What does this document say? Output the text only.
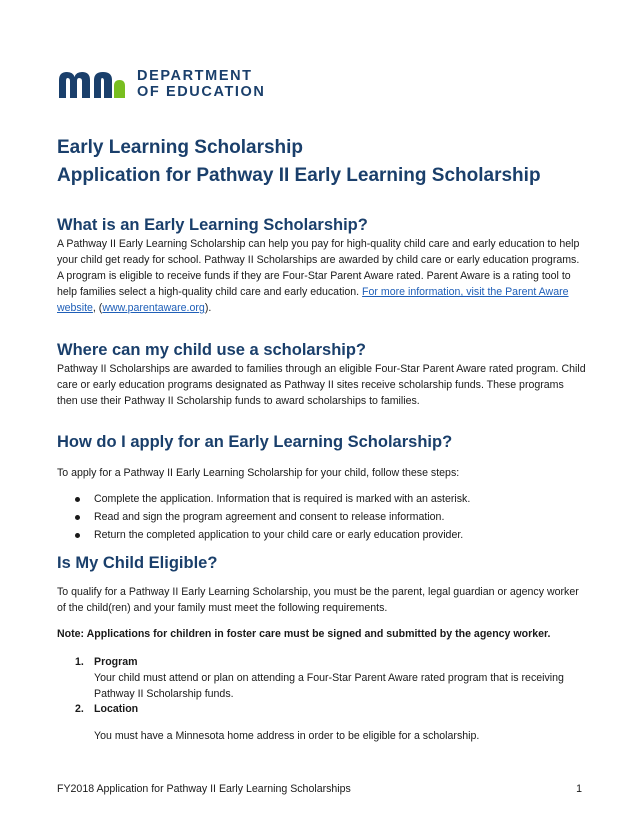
DEPARTMENT
OF EDUCATION
Early Learning Scholarship
Application for Pathway II Early Learning Scholarship
What is an Early Learning Scholarship?

A Pathway II Early Learning Scholarship can help you pay for high-quality child care and early education to help your child get ready for school. Pathway II Scholarships are awarded by child care or early education programs. A program is eligible to receive funds if they are Four-Star Parent Aware rated. Parent Aware is a rating tool to help families select a high-quality child care and early education. For more information, visit the Parent Aware website, (www.parentaware.org).

Where can my child use a scholarship?

Pathway II Scholarships are awarded to families through an eligible Four-Star Parent Aware rated program. Child care or early education programs designated as Pathway II sites receive scholarship funds. These programs then use their Pathway II Scholarship funds to award scholarships to families.

How do I apply for an Early Learning Scholarship?

To apply for a Pathway II Early Learning Scholarship for your child, follow these steps:

Complete the application. Information that is required is marked with an asterisk.
Read and sign the program agreement and consent to release information.
Return the completed application to your child care or early education provider.
Is My Child Eligible?

To qualify for a Pathway II Early Learning Scholarship, you must be the parent, legal guardian or agency worker of the child(ren) and your family must meet the following requirements.

Note: Applications for children in foster care must be signed and submitted by the agency worker.

1. Program
Your child must attend or plan on attending a Four-Star Parent Aware rated program that is receiving Pathway II Scholarship funds.
2. Location
You must have a Minnesota home address in order to be eligible for a scholarship.
FY2018 Application for Pathway II Early Learning Scholarships	1
